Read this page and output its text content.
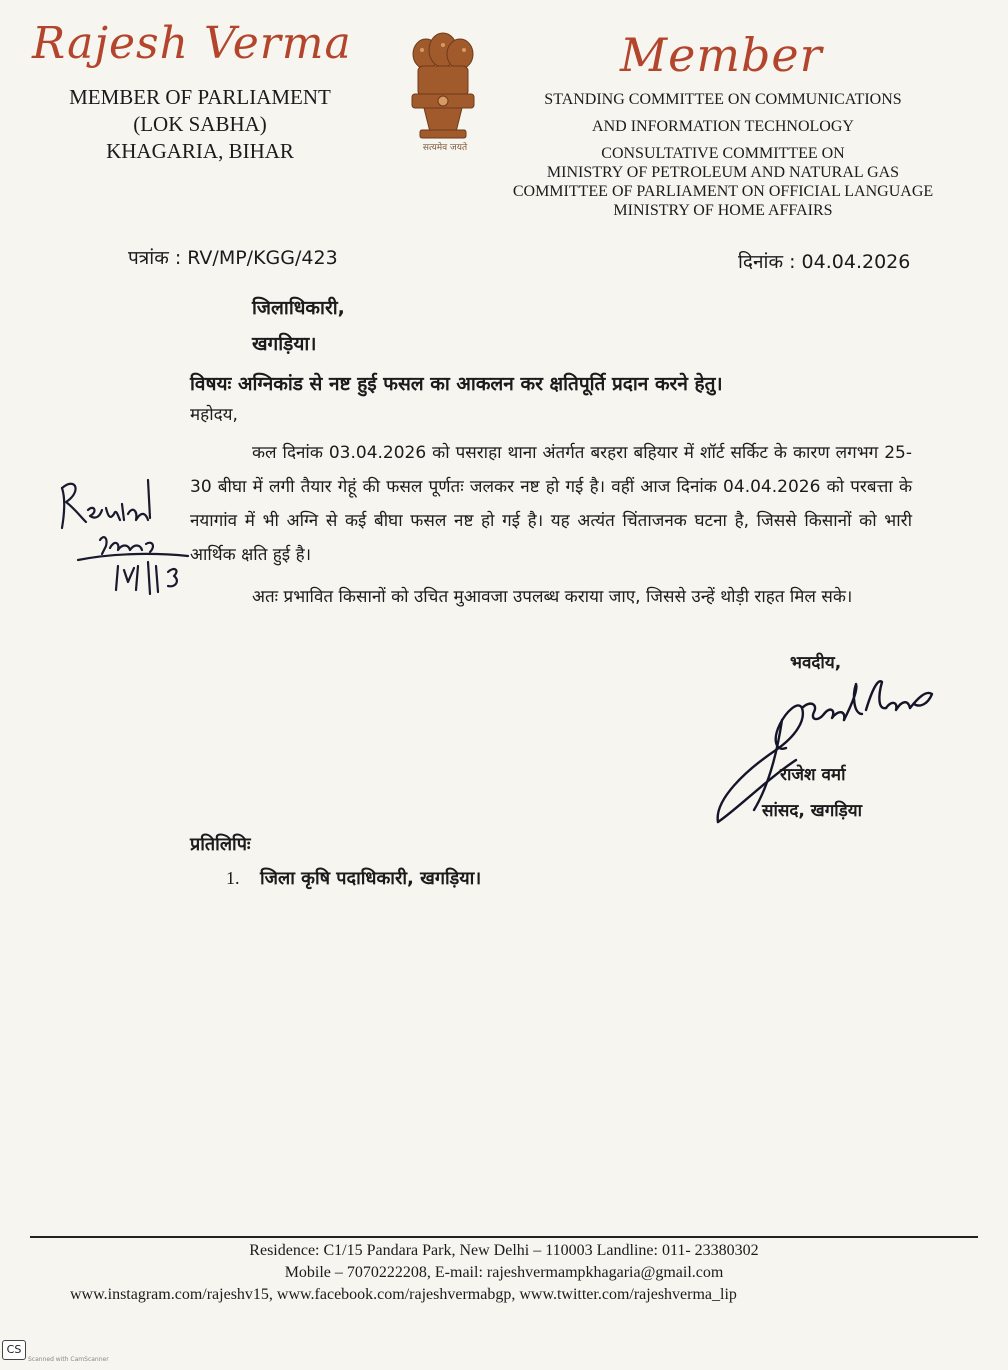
Rajesh Verma
MEMBER OF PARLIAMENT
(LOK SABHA)
KHAGARIA, BIHAR	सत्यमेव जयते
Member
STANDING COMMITTEE ON COMMUNICATIONS
AND INFORMATION TECHNOLOGY
CONSULTATIVE COMMITTEE ON
MINISTRY OF PETROLEUM AND NATURAL GAS
COMMITTEE OF PARLIAMENT ON OFFICIAL LANGUAGE
MINISTRY OF HOME AFFAIRS
पत्रांक : RV/MP/KGG/423	दिनांक : 04.04.2026
जिलाधिकारी,
खगड़िया।
विषयः अग्निकांड से नष्ट हुई फसल का आकलन कर क्षतिपूर्ति प्रदान करने हेतु।
महोदय,

कल दिनांक 03.04.2026 को पसराहा थाना अंतर्गत बरहरा बहियार में शॉर्ट सर्किट के कारण लगभग 25-30 बीघा में लगी तैयार गेहूं की फसल पूर्णतः जलकर नष्ट हो गई है। वहीं आज दिनांक 04.04.2026 को परबत्ता के नयागांव में भी अग्नि से कई बीघा फसल नष्ट हो गई है। यह अत्यंत चिंताजनक घटना है, जिससे किसानों को भारी आर्थिक क्षति हुई है।

अतः प्रभावित किसानों को उचित मुआवजा उपलब्ध कराया जाए, जिससे उन्हें थोड़ी राहत मिल सके।

भवदीय,
राजेश वर्मा
सांसद, खगड़िया
प्रतिलिपिः
1. जिला कृषि पदाधिकारी, खगड़िया।
Residence: C1/15 Pandara Park, New Delhi – 110003 Landline: 011- 23380302
Mobile – 7070222208, E-mail: rajeshvermampkhagaria@gmail.com
www.instagram.com/rajeshv15, www.facebook.com/rajeshvermabgp, www.twitter.com/rajeshverma_lip
CS
Scanned with CamScanner
